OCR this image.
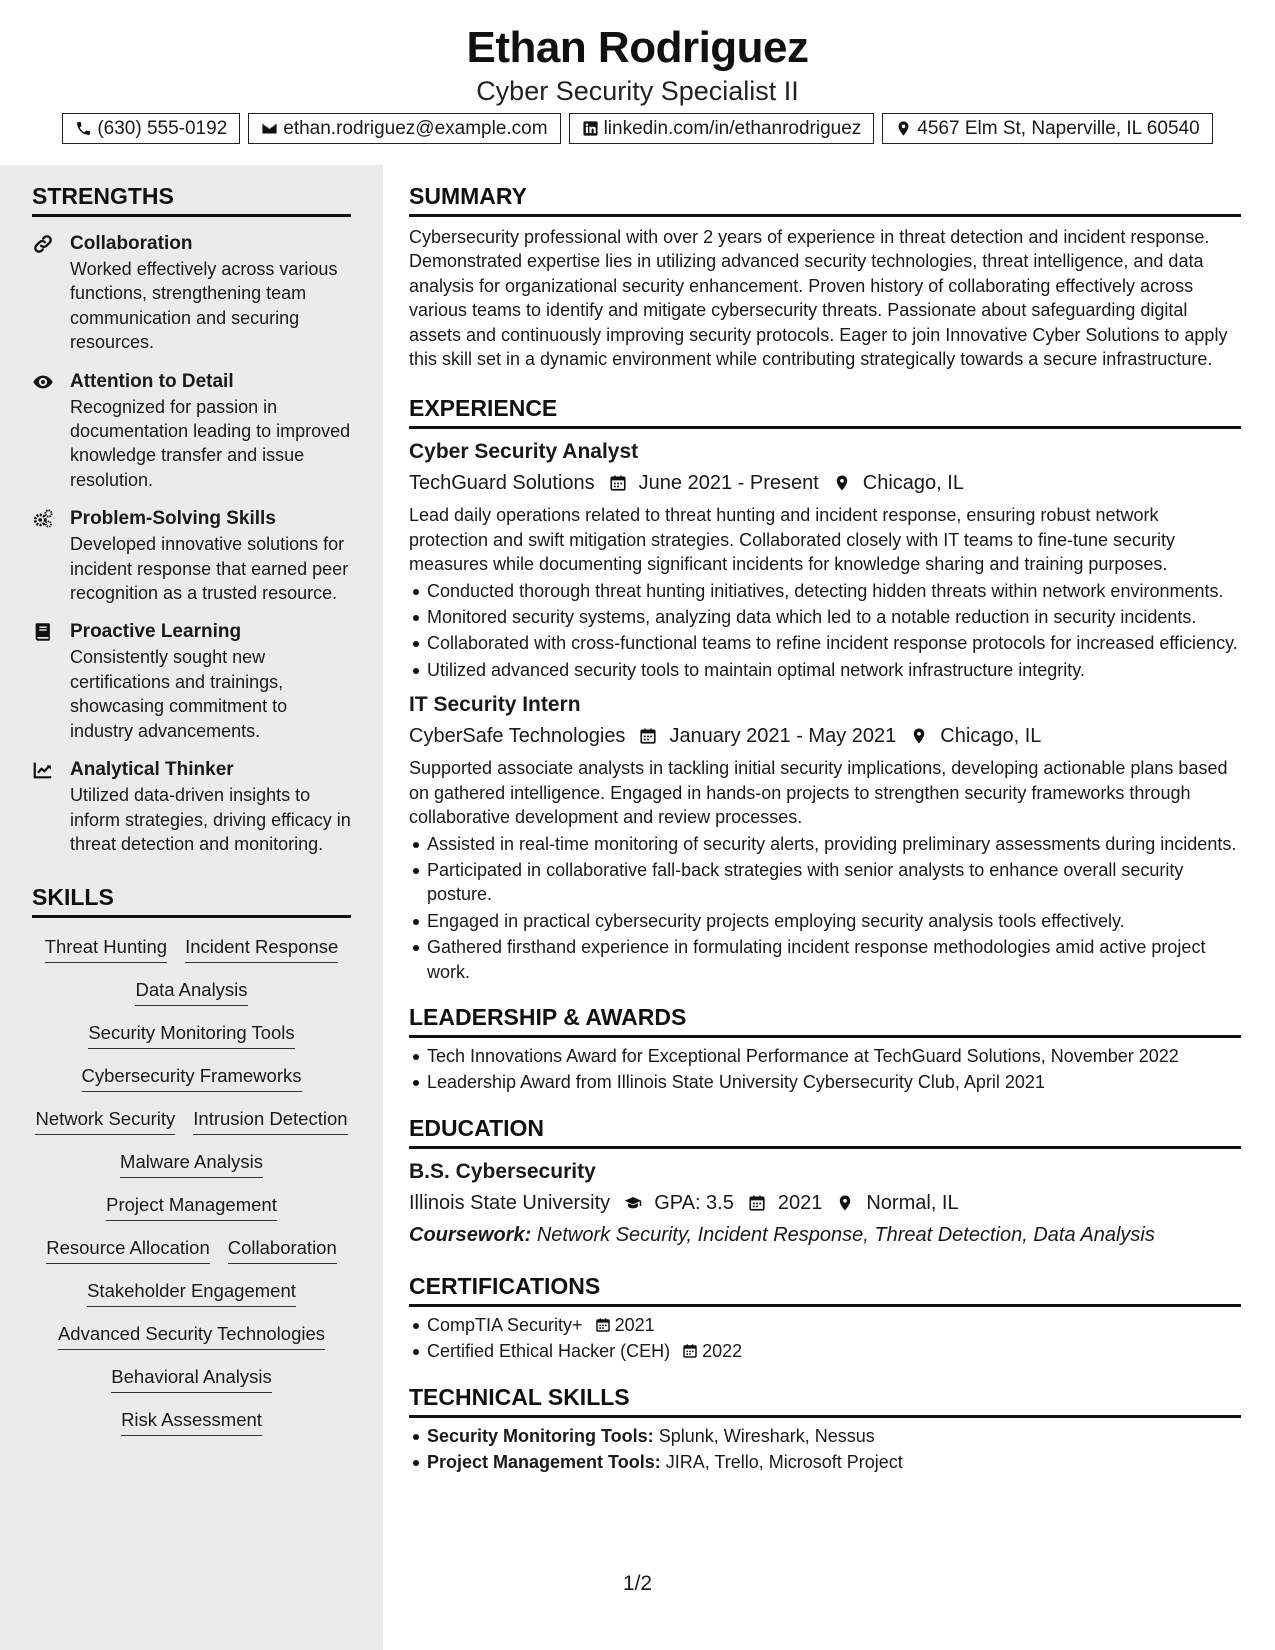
Ethan Rodriguez
Cyber Security Specialist II
(630) 555-0192	ethan.rodriguez@example.com	linkedin.com/in/ethanrodriguez	4567 Elm St, Naperville, IL 60540
STRENGTHS
Collaboration
Worked effectively across various functions, strengthening team communication and securing resources.
Attention to Detail
Recognized for passion in documentation leading to improved knowledge transfer and issue resolution.
Problem-Solving Skills
Developed innovative solutions for incident response that earned peer recognition as a trusted resource.
Proactive Learning
Consistently sought new certifications and trainings, showcasing commitment to industry advancements.
Analytical Thinker
Utilized data-driven insights to inform strategies, driving efficacy in threat detection and monitoring.
SKILLS
Threat Hunting Incident Response
Data Analysis
Security Monitoring Tools
Cybersecurity Frameworks
Network Security Intrusion Detection
Malware Analysis
Project Management
Resource Allocation Collaboration
Stakeholder Engagement
Advanced Security Technologies
Behavioral Analysis
Risk Assessment
SUMMARY
Cybersecurity professional with over 2 years of experience in threat detection and incident response. Demonstrated expertise lies in utilizing advanced security technologies, threat intelligence, and data analysis for organizational security enhancement. Proven history of collaborating effectively across various teams to identify and mitigate cybersecurity threats. Passionate about safeguarding digital assets and continuously improving security protocols. Eager to join Innovative Cyber Solutions to apply this skill set in a dynamic environment while contributing strategically towards a secure infrastructure.
EXPERIENCE
Cyber Security Analyst
TechGuard Solutions June 2021 - Present Chicago, IL
Lead daily operations related to threat hunting and incident response, ensuring robust network protection and swift mitigation strategies. Collaborated closely with IT teams to fine-tune security measures while documenting significant incidents for knowledge sharing and training purposes.
Conducted thorough threat hunting initiatives, detecting hidden threats within network environments.
Monitored security systems, analyzing data which led to a notable reduction in security incidents.
Collaborated with cross-functional teams to refine incident response protocols for increased efficiency.
Utilized advanced security tools to maintain optimal network infrastructure integrity.
IT Security Intern
CyberSafe Technologies January 2021 - May 2021 Chicago, IL
Supported associate analysts in tackling initial security implications, developing actionable plans based on gathered intelligence. Engaged in hands-on projects to strengthen security frameworks through collaborative development and review processes.
Assisted in real-time monitoring of security alerts, providing preliminary assessments during incidents.
Participated in collaborative fall-back strategies with senior analysts to enhance overall security posture.
Engaged in practical cybersecurity projects employing security analysis tools effectively.
Gathered firsthand experience in formulating incident response methodologies amid active project work.
LEADERSHIP & AWARDS
Tech Innovations Award for Exceptional Performance at TechGuard Solutions, November 2022
Leadership Award from Illinois State University Cybersecurity Club, April 2021
EDUCATION
B.S. Cybersecurity
Illinois State University GPA: 3.5 2021 Normal, IL
Coursework: Network Security, Incident Response, Threat Detection, Data Analysis
CERTIFICATIONS
CompTIA Security+ 2021
Certified Ethical Hacker (CEH) 2022
TECHNICAL SKILLS
Security Monitoring Tools: Splunk, Wireshark, Nessus
Project Management Tools: JIRA, Trello, Microsoft Project
1/2
